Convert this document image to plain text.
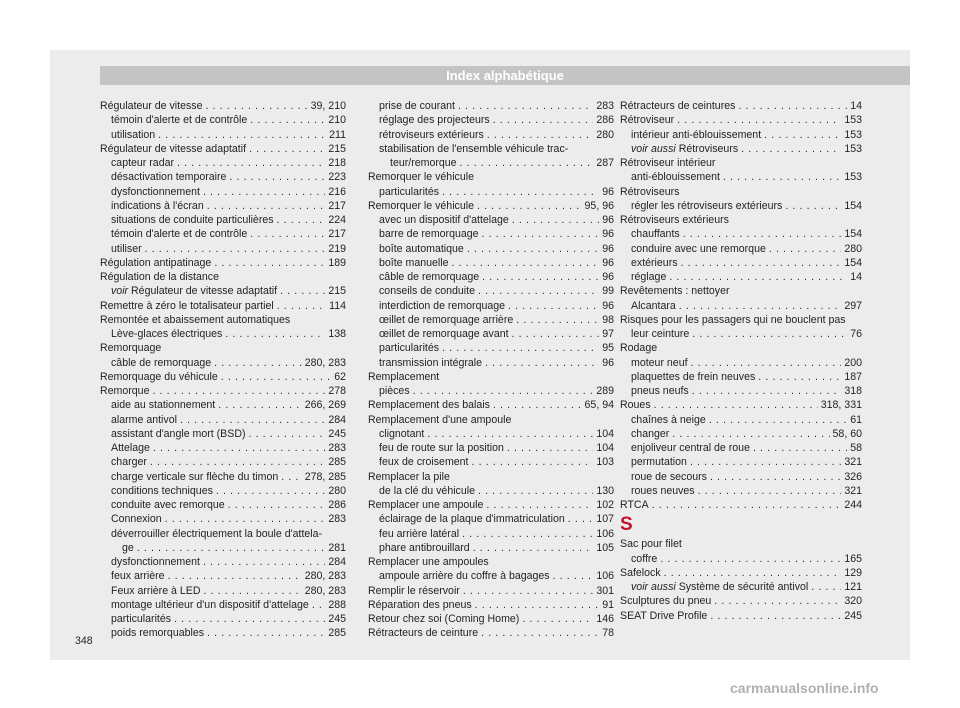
Index alphabétique
Régulateur de vitesse . . .	39, 210
témoin d'alerte et de contrôle . . .	210
utilisation . . .	211
Régulateur de vitesse adaptatif . . .	215
capteur radar . . .	218
désactivation temporaire . . .	223
dysfonctionnement . . .	216
indications à l'écran . . .	217
situations de conduite particulières . . .	224
témoin d'alerte et de contrôle . . .	217
utiliser . . .	219
Régulation antipatinage . . .	189
Régulation de la distance
voir Régulateur de vitesse adaptatif . . .	215
Remettre à zéro le totalisateur partiel . . .	114
Remontée et abaissement automatiques
Lève-glaces électriques . . .	138
Remorquage
câble de remorquage . . .	280, 283
Remorquage du véhicule . . .	62
Remorque . . .	278
aide au stationnement . . .	266, 269
alarme antivol . . .	284
assistant d'angle mort (BSD) . . .	245
Attelage . . .	283
charger . . .	285
charge verticale sur flèche du timon . . .	278, 285
conditions techniques . . .	280
conduite avec remorque . . .	286
Connexion . . .	283
déverrouiller électriquement la boule d'attela-
ge . . .	281
dysfonctionnement . . .	284
feux arrière . . .	280, 283
Feux arrière à LED . . .	280, 283
montage ultérieur d'un dispositif d'attelage . . . 288
particularités . . .	245
poids remorquables . . .	285
prise de courant . . .	283
réglage des projecteurs . . .	286
rétroviseurs extérieurs . . .	280
stabilisation de l'ensemble véhicule trac-
teur/remorque . . .	287
Remorquer le véhicule
particularités . . .	96
Remorquer le véhicule . . .	95, 96
avec un dispositif d'attelage . . .	96
barre de remorquage . . .	96
boîte automatique . . .	96
boîte manuelle . . .	96
câble de remorquage . . .	96
conseils de conduite . . .	99
interdiction de remorquage . . .	96
œillet de remorquage arrière . . .	98
œillet de remorquage avant . . .	97
particularités . . .	95
transmission intégrale . . .	96
Remplacement
pièces . . .	289
Remplacement des balais . . .	65, 94
Remplacement d'une ampoule
clignotant . . .	104
feu de route sur la position . . .	104
feux de croisement . . .	103
Remplacer la pile
de la clé du véhicule . . .	130
Remplacer une ampoule . . .	102
éclairage de la plaque d'immatriculation . . .	107
feu arrière latéral . . .	106
phare antibrouillard . . .	105
Remplacer une ampoules
ampoule arrière du coffre à bagages . . .	106
Remplir le réservoir . . .	301
Réparation des pneus . . .	91
Retour chez soi (Coming Home) . . .	146
Rétracteurs de ceinture . . .	78
Rétracteurs de ceintures . . .	14
Rétroviseur . . .	153
intérieur anti-éblouissement . . .	153
voir aussi Rétroviseurs . . .	153
Rétroviseur intérieur
anti-éblouissement . . .	153
Rétroviseurs
régler les rétroviseurs extérieurs . . .	154
Rétroviseurs extérieurs
chauffants . . .	154
conduire avec une remorque . . .	280
extérieurs . . .	154
réglage . . .	14
Revêtements : nettoyer
Alcantara . . .	297
Risques pour les passagers qui ne bouclent pas
leur ceinture . . .	76
Rodage
moteur neuf . . .	200
plaquettes de frein neuves . . .	187
pneus neufs . . .	318
Roues . . .	318, 331
chaînes à neige . . .	61
changer . . .	58, 60
enjoliveur central de roue . . .	58
permutation . . .	321
roue de secours . . .	326
roues neuves . . .	321
RTCA . . .	244
S
Sac pour filet
coffre . . .	165
Safelock . . .	129
voir aussi Système de sécurité antivol . . .	121
Sculptures du pneu . . .	320
SEAT Drive Profile . . .	245
348
carmanualsonline.info
